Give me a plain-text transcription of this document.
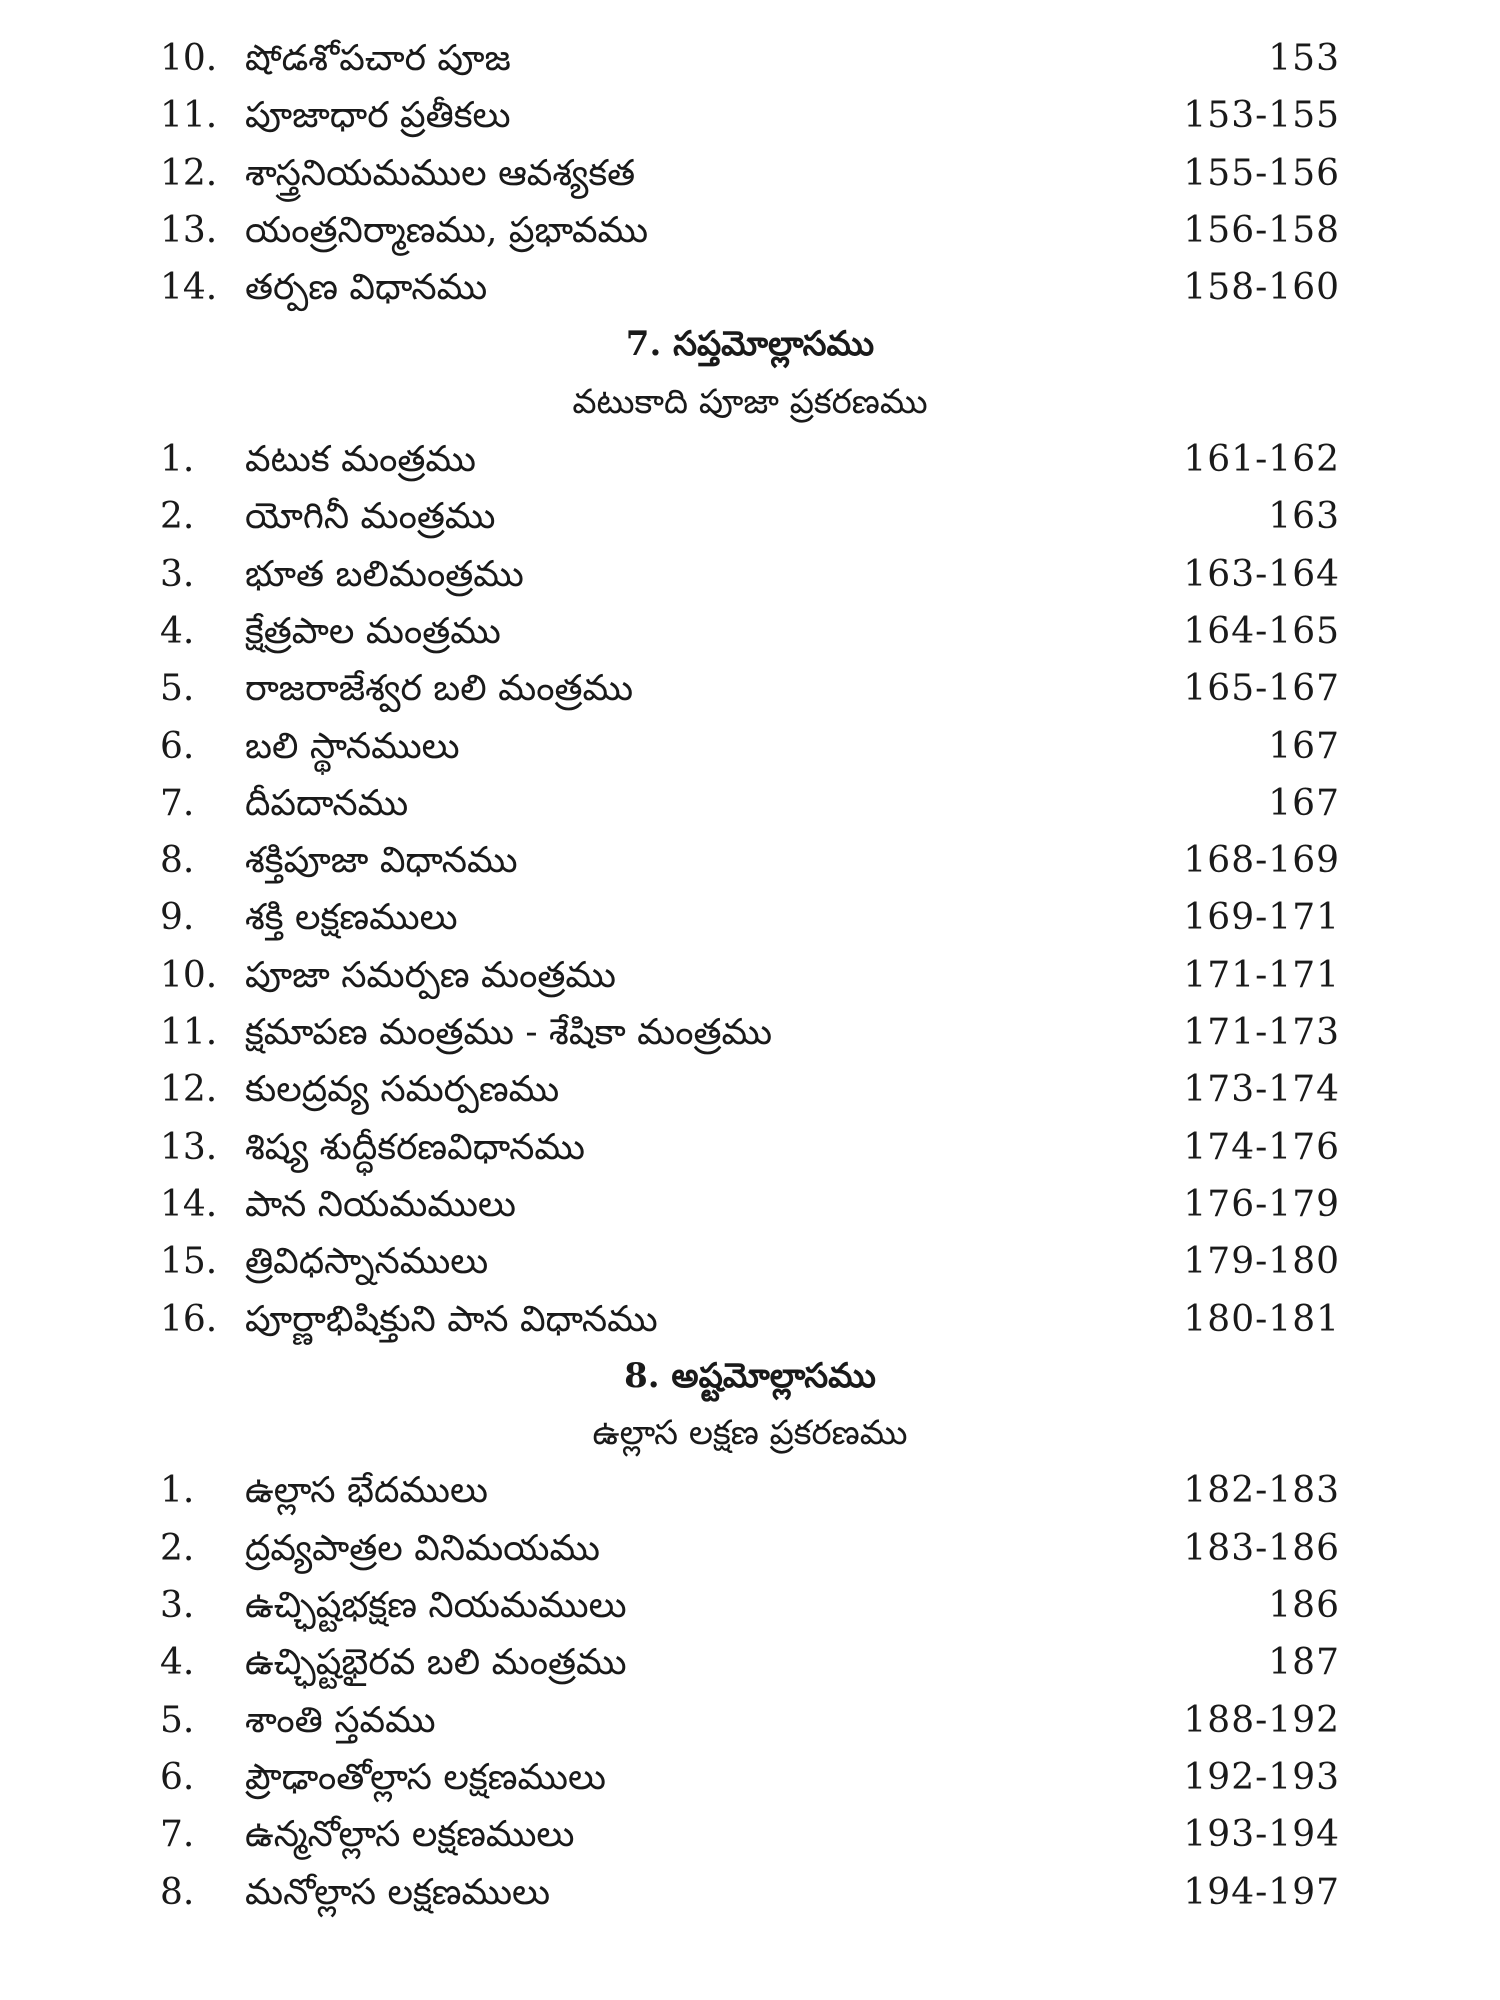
10. షోడశోపచార పూజ	153
11. పూజాధార ప్రతీకలు	153-155
12. శాస్త్రనియమముల ఆవశ్యకత	155-156
13. యంత్రనిర్మాణము, ప్రభావము	156-158
14. తర్పణ విధానము	158-160
7. సప్తమోల్లాసము
వటుకాది పూజా ప్రకరణము
1. వటుక మంత్రము	161-162
2. యోగినీ మంత్రము	163
3. భూత బలిమంత్రము	163-164
4. క్షేత్రపాల మంత్రము	164-165
5. రాజరాజేశ్వర బలి మంత్రము	165-167
6. బలి స్థానములు	167
7. దీపదానము	167
8. శక్తిపూజా విధానము	168-169
9. శక్తి లక్షణములు	169-171
10. పూజా సమర్పణ మంత్రము	171-171
11. క్షమాపణ మంత్రము - శేషికా మంత్రము	171-173
12. కులద్రవ్య సమర్పణము	173-174
13. శిష్య శుద్ధీకరణవిధానము	174-176
14. పాన నియమములు	176-179
15. త్రివిధస్నానములు	179-180
16. పూర్ణాభిషిక్తుని పాన విధానము	180-181
8. అష్టమోల్లాసము
ఉల్లాస లక్షణ ప్రకరణము
1. ఉల్లాస భేదములు	182-183
2. ద్రవ్యపాత్రల వినిమయము	183-186
3. ఉచ్ఛిష్టభక్షణ నియమములు	186
4. ఉచ్ఛిష్టభైరవ బలి మంత్రము	187
5. శాంతి స్తవము	188-192
6. ప్రౌఢాంతోల్లాస లక్షణములు	192-193
7. ఉన్మనోల్లాస లక్షణములు	193-194
8. మనోల్లాస లక్షణములు	194-197
